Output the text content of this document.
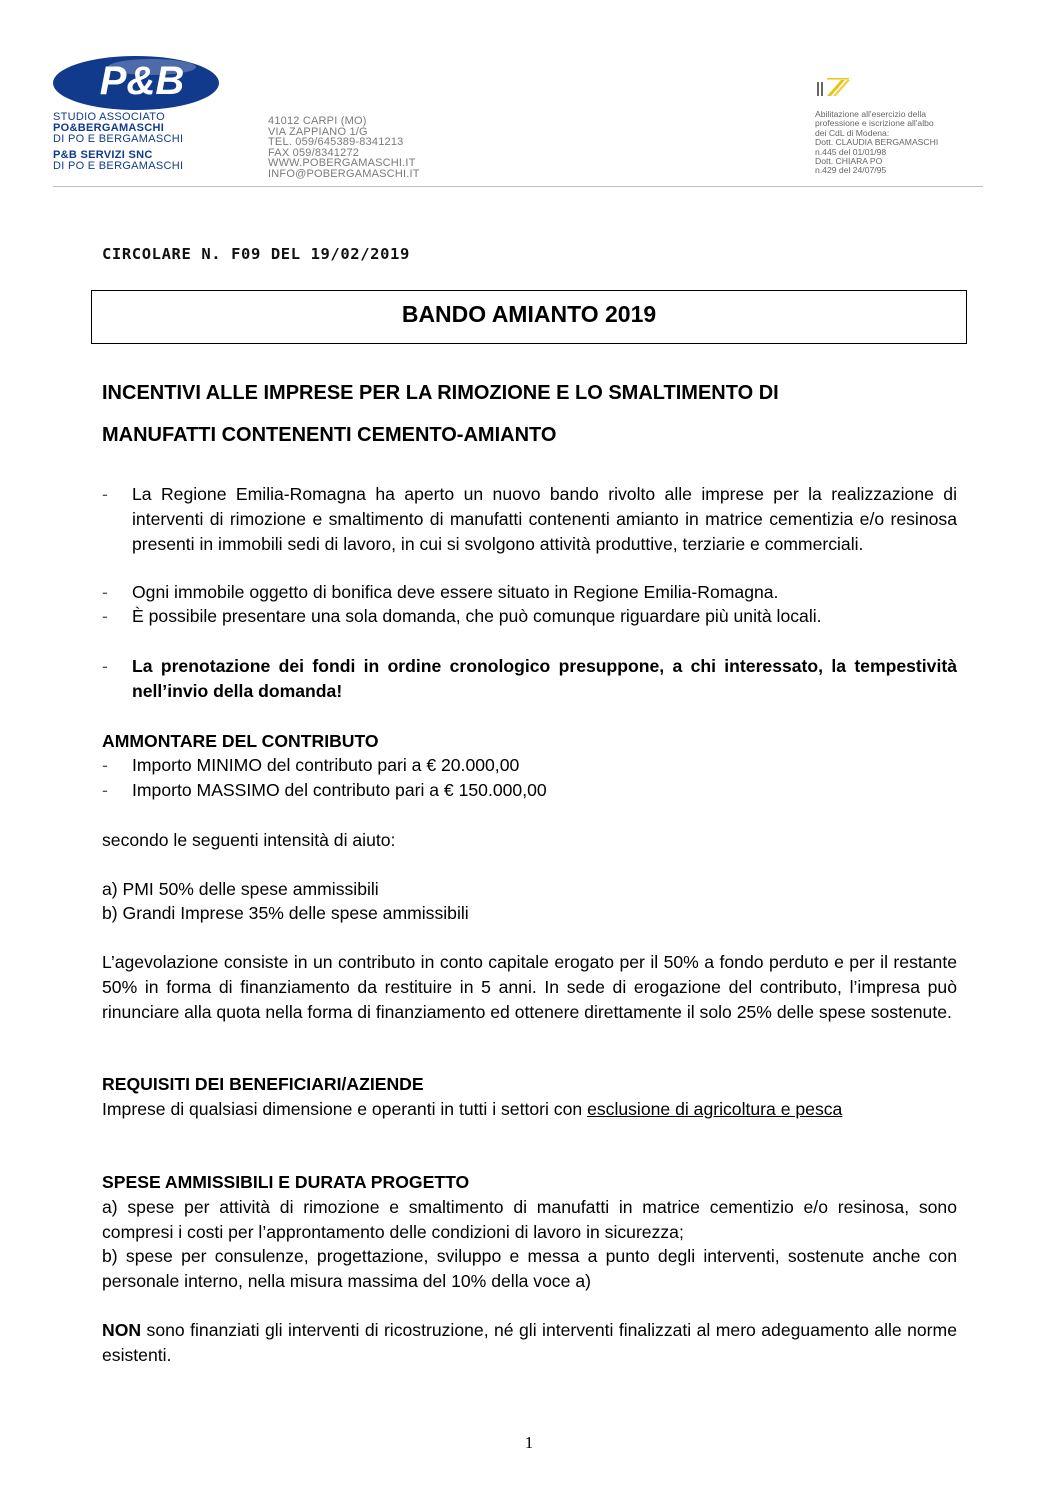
P&B
STUDIO ASSOCIATO
PO&BERGAMASCHI
DI PO E BERGAMASCHI
P&B SERVIZI SNC
DI PO E BERGAMASCHI
41012 CARPI (MO)
VIA ZAPPIANO 1/G
TEL. 059/645389-8341213
FAX 059/8341272
WWW.POBERGAMASCHI.IT
INFO@POBERGAMASCHI.IT
Abilitazione all'esercizio della
professione e iscrizione all'albo
dei CdL di Modena:
Dott. CLAUDIA BERGAMASCHI
n.445 del 01/01/98
Dott. CHIARA PO
n.429 del 24/07/95
CIRCOLARE N. F09 DEL 19/02/2019
BANDO AMIANTO 2019
INCENTIVI ALLE IMPRESE PER LA RIMOZIONE E LO SMALTIMENTO DI
MANUFATTI CONTENENTI CEMENTO-AMIANTO
-	La Regione Emilia-Romagna ha aperto un nuovo bando rivolto alle imprese per la realizzazione di interventi di rimozione e smaltimento di manufatti contenenti amianto in matrice cementizia e/o resinosa presenti in immobili sedi di lavoro, in cui si svolgono attività produttive, terziarie e commerciali.
-	Ogni immobile oggetto di bonifica deve essere situato in Regione Emilia-Romagna.
-	È possibile presentare una sola domanda, che può comunque riguardare più unità locali.
-	La prenotazione dei fondi in ordine cronologico presuppone, a chi interessato, la tempestività nell’invio della domanda!
AMMONTARE DEL CONTRIBUTO
-	Importo MINIMO del contributo pari a € 20.000,00
-	Importo MASSIMO del contributo pari a € 150.000,00
secondo le seguenti intensità di aiuto:
a) PMI 50% delle spese ammissibili
b) Grandi Imprese 35% delle spese ammissibili
L’agevolazione consiste in un contributo in conto capitale erogato per il 50% a fondo perduto e per il restante 50% in forma di finanziamento da restituire in 5 anni. In sede di erogazione del contributo, l’impresa può rinunciare alla quota nella forma di finanziamento ed ottenere direttamente il solo 25% delle spese sostenute.
REQUISITI DEI BENEFICIARI/AZIENDE
Imprese di qualsiasi dimensione e operanti in tutti i settori con esclusione di agricoltura e pesca
SPESE AMMISSIBILI E DURATA PROGETTO
a) spese per attività di rimozione e smaltimento di manufatti in matrice cementizio e/o resinosa, sono compresi i costi per l’approntamento delle condizioni di lavoro in sicurezza;
b) spese per consulenze, progettazione, sviluppo e messa a punto degli interventi, sostenute anche con personale interno, nella misura massima del 10% della voce a)
NON sono finanziati gli interventi di ricostruzione, né gli interventi finalizzati al mero adeguamento alle norme esistenti.
1
